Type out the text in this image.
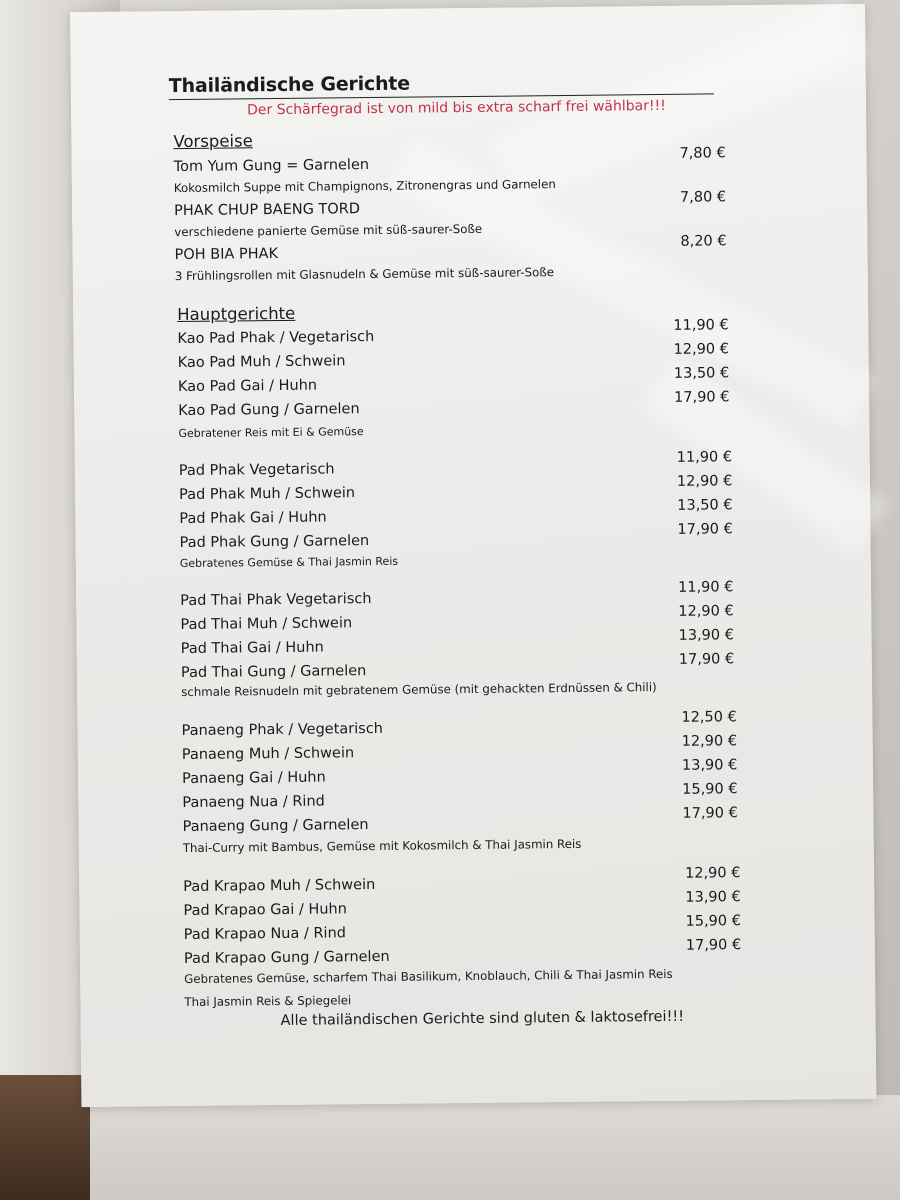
Thailändische Gerichte
Der Schärfegrad ist von mild bis extra scharf frei wählbar!!!
Vorspeise
Tom Yum Gung = Garnelen
7,80 €
Kokosmilch Suppe mit Champignons, Zitronengras und Garnelen
PHAK CHUP BAENG TORD
7,80 €
verschiedene panierte Gemüse mit süß-saurer-Soße
POH BIA PHAK
8,20 €
3 Frühlingsrollen mit Glasnudeln & Gemüse mit süß-saurer-Soße
Hauptgerichte
Kao Pad Phak / Vegetarisch
11,90 €
Kao Pad Muh / Schwein
12,90 €
Kao Pad Gai / Huhn
13,50 €
Kao Pad Gung / Garnelen
17,90 €
Gebratener Reis mit Ei & Gemüse
Pad Phak Vegetarisch
11,90 €
Pad Phak Muh / Schwein
12,90 €
Pad Phak Gai / Huhn
13,50 €
Pad Phak Gung / Garnelen
17,90 €
Gebratenes Gemüse & Thai Jasmin Reis
Pad Thai Phak Vegetarisch
11,90 €
Pad Thai Muh / Schwein
12,90 €
Pad Thai Gai / Huhn
13,90 €
Pad Thai Gung / Garnelen
17,90 €
schmale Reisnudeln mit gebratenem Gemüse (mit gehackten Erdnüssen & Chili)
Panaeng Phak / Vegetarisch
12,50 €
Panaeng Muh / Schwein
12,90 €
Panaeng Gai / Huhn
13,90 €
Panaeng Nua / Rind
15,90 €
Panaeng Gung / Garnelen
17,90 €
Thai-Curry mit Bambus, Gemüse mit Kokosmilch & Thai Jasmin Reis
Pad Krapao Muh / Schwein
12,90 €
Pad Krapao Gai / Huhn
13,90 €
Pad Krapao Nua / Rind
15,90 €
Pad Krapao Gung / Garnelen
17,90 €
Gebratenes Gemüse, scharfem Thai Basilikum, Knoblauch, Chili & Thai Jasmin Reis
Thai Jasmin Reis & Spiegelei
Alle thailändischen Gerichte sind gluten & laktosefrei!!!
